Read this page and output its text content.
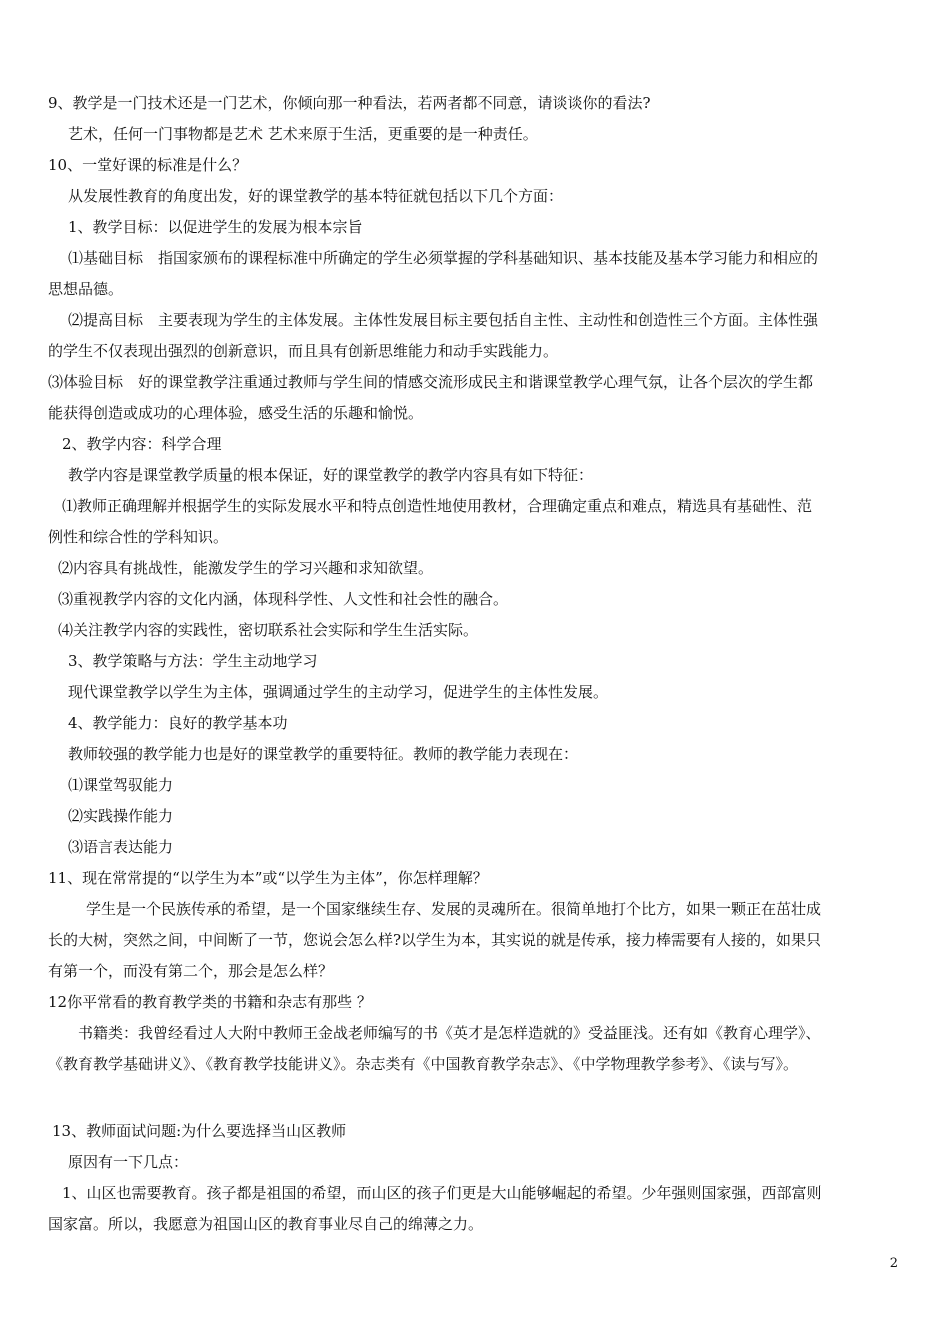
9、教学是一门技术还是一门艺术，你倾向那一种看法，若两者都不同意，请谈谈你的看法?
艺术，任何一门事物都是艺术 艺术来原于生活，更重要的是一种责任。
10、一堂好课的标准是什么？
从发展性教育的角度出发，好的课堂教学的基本特征就包括以下几个方面：
1、教学目标：以促进学生的发展为根本宗旨
⑴基础目标　指国家颁布的课程标准中所确定的学生必须掌握的学科基础知识、基本技能及基本学习能力和相应的
思想品德。
⑵提高目标　主要表现为学生的主体发展。主体性发展目标主要包括自主性、主动性和创造性三个方面。主体性强
的学生不仅表现出强烈的创新意识，而且具有创新思维能力和动手实践能力。
⑶体验目标　好的课堂教学注重通过教师与学生间的情感交流形成民主和谐课堂教学心理气氛，让各个层次的学生都
能获得创造或成功的心理体验，感受生活的乐趣和愉悦。
2、教学内容：科学合理
教学内容是课堂教学质量的根本保证，好的课堂教学的教学内容具有如下特征：
⑴教师正确理解并根据学生的实际发展水平和特点创造性地使用教材，合理确定重点和难点，精选具有基础性、范
例性和综合性的学科知识。
⑵内容具有挑战性，能激发学生的学习兴趣和求知欲望。
⑶重视教学内容的文化内涵，体现科学性、人文性和社会性的融合。
⑷关注教学内容的实践性，密切联系社会实际和学生生活实际。
3、教学策略与方法：学生主动地学习
现代课堂教学以学生为主体，强调通过学生的主动学习，促进学生的主体性发展。
4、教学能力：良好的教学基本功
教师较强的教学能力也是好的课堂教学的重要特征。教师的教学能力表现在：
⑴课堂驾驭能力
⑵实践操作能力
⑶语言表达能力
11、现在常常提的“以学生为本”或“以学生为主体”，你怎样理解？
学生是一个民族传承的希望，是一个国家继续生存、发展的灵魂所在。很简单地打个比方，如果一颗正在茁壮成
长的大树，突然之间，中间断了一节，您说会怎么样?以学生为本，其实说的就是传承，接力棒需要有人接的，如果只
有第一个，而没有第二个，那会是怎么样？
12你平常看的教育教学类的书籍和杂志有那些 ？
书籍类：我曾经看过人大附中教师王金战老师编写的书《英才是怎样造就的》受益匪浅。还有如《教育心理学》、
《教育教学基础讲义》、《教育教学技能讲义》。杂志类有《中国教育教学杂志》、《中学物理教学参考》、《读与写》。
13、教师面试问题:为什么要选择当山区教师
原因有一下几点：
1、山区也需要教育。孩子都是祖国的希望，而山区的孩子们更是大山能够崛起的希望。少年强则国家强，西部富则
国家富。所以，我愿意为祖国山区的教育事业尽自己的绵薄之力。
2
